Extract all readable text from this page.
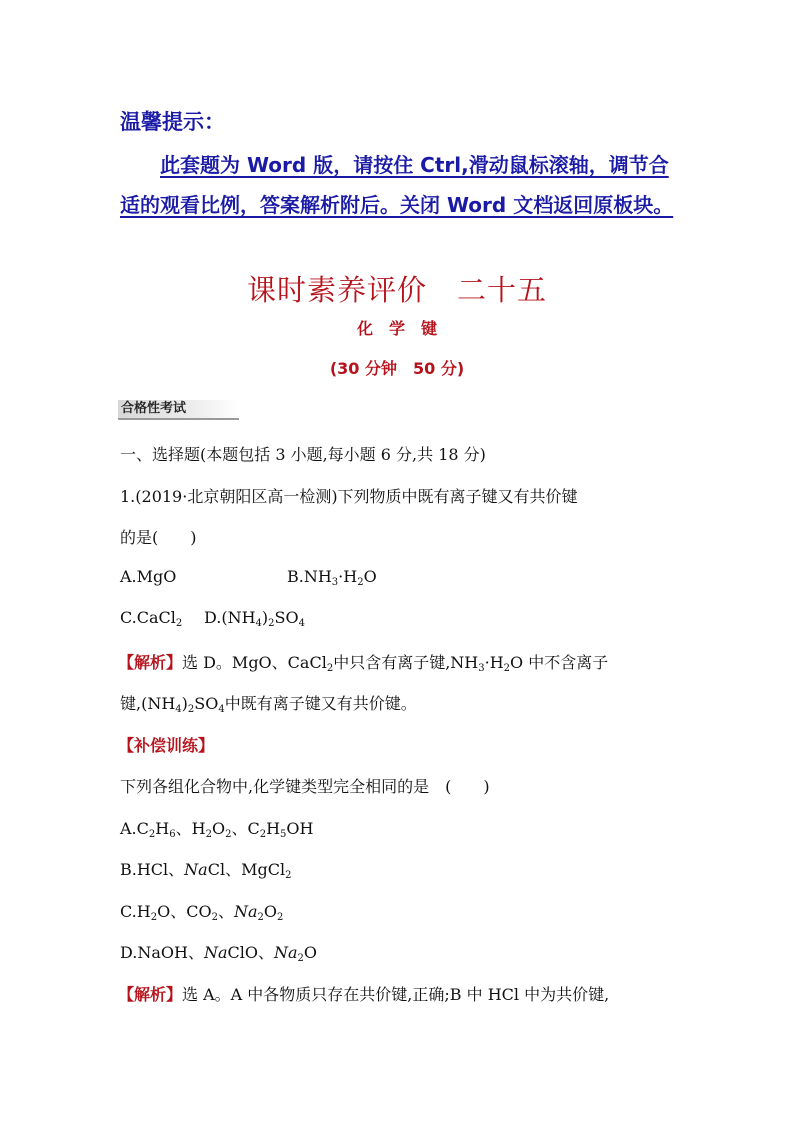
温馨提示：
此套题为 Word 版，请按住 Ctrl,滑动鼠标滚轴，调节合适的观看比例，答案解析附后。关闭 Word 文档返回原板块。
课时素养评价　二十五
化　学　键
(30 分钟　50 分)
合格性考试
一、选择题(本题包括 3 小题,每小题 6 分,共 18 分)
1.(2019·北京朝阳区高一检测)下列物质中既有离子键又有共价键
的是(　　)
A.MgO	$B.NH_3\cdot H_2O$
C.CaCl$_2$ $D.(NH_4)_2SO_4$
【解析】选 D。MgO、CaCl$_2$中只含有离子键$,NH_3\cdot H_2O$ 中不含离子
键$,(NH_4)_2SO_4$中既有离子键又有共价键。
【补偿训练】
下列各组化合物中,化学键类型完全相同的是　(　　)
$A.C_2H_6$、$H_2O_2$、$C_2H_5OH$
B.HCl、NaCl、MgCl$_2$
$C.H_2O$、$CO_2$、$Na_2O_2$
D.NaOH、NaClO、$Na_2O$
【解析】选 A。A 中各物质只存在共价键,正确;B 中 HCl 中为共价键,
